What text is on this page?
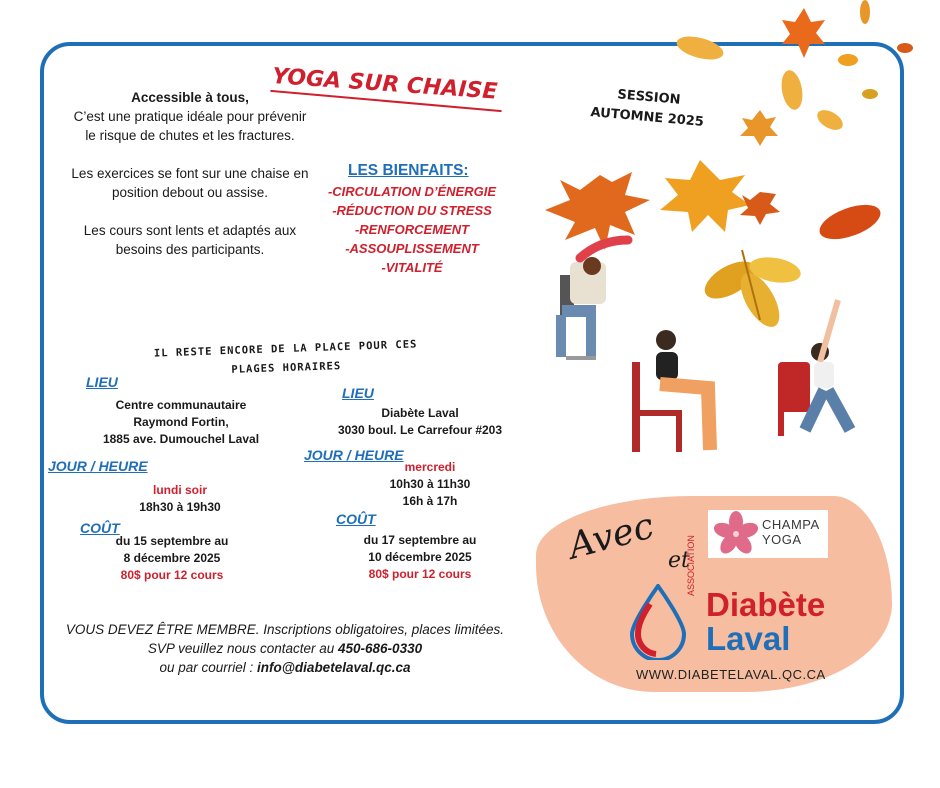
Accessible à tous,
C’est une pratique idéale pour prévenir le risque de chutes et les fractures.

Les exercices se font sur une chaise en position debout ou assise.

Les cours sont lents et adaptés aux besoins des participants.

YOGA SUR CHAISE	SESSION
AUTOMNE 2025
LES BIENFAITS:
-CIRCULATION D’ÉNERGIE
-RÉDUCTION DU STRESS
-RENFORCEMENT
-ASSOUPLISSEMENT
-VITALITÉ
IL RESTE ENCORE DE LA PLACE POUR CES
PLAGES HORAIRES
LIEU
Centre communautaire
Raymond Fortin,
1885 ave. Dumouchel Laval
JOUR / HEURE
lundi soir
18h30 à 19h30
COÛT
du 15 septembre au
8 décembre 2025
80$ pour 12 cours
LIEU
Diabète Laval
3030 boul. Le Carrefour #203
JOUR / HEURE
mercredi
10h30 à 11h30
16h à 17h
COÛT
du 17 septembre au
10 décembre 2025
80$ pour 12 cours
VOUS DEVEZ ÊTRE MEMBRE. Inscriptions obligatoires, places limitées.
SVP veuillez nous contacter au 450-686-0330
ou par courriel : info@diabetelaval.qc.ca
Avec et
CHAMPA
YOGA
ASSOCIATION
Diabète
Laval
WWW.DIABETELAVAL.QC.CA
